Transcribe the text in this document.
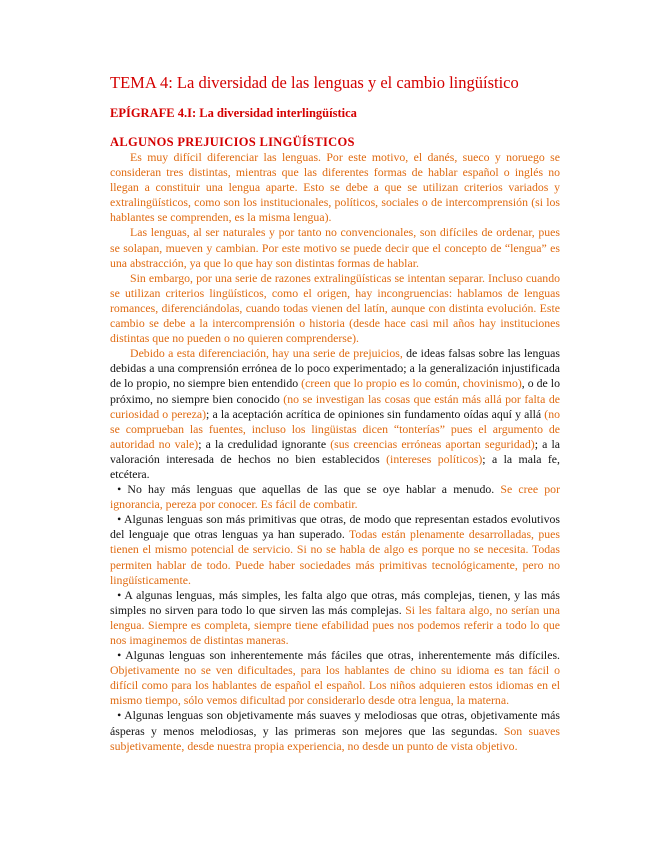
TEMA 4: La diversidad de las lenguas y el cambio lingüístico
EPÍGRAFE 4.I: La diversidad interlingüística
ALGUNOS PREJUICIOS LINGÜÍSTICOS

Es muy difícil diferenciar las lenguas. Por este motivo, el danés, sueco y noruego se consideran tres distintas, mientras que las diferentes formas de hablar español o inglés no llegan a constituir una lengua aparte. Esto se debe a que se utilizan criterios variados y extralingüísticos, como son los institucionales, políticos, sociales o de intercomprensión (si los hablantes se comprenden, es la misma lengua).

Las lenguas, al ser naturales y por tanto no convencionales, son difíciles de ordenar, pues se solapan, mueven y cambian. Por este motivo se puede decir que el concepto de “lengua” es una abstracción, ya que lo que hay son distintas formas de hablar.

Sin embargo, por una serie de razones extralingüísticas se intentan separar. Incluso cuando se utilizan criterios lingüísticos, como el origen, hay incongruencias: hablamos de lenguas romances, diferenciándolas, cuando todas vienen del latín, aunque con distinta evolución. Este cambio se debe a la intercomprensión o historia (desde hace casi mil años hay instituciones distintas que no pueden o no quieren comprenderse).

Debido a esta diferenciación, hay una serie de prejuicios, de ideas falsas sobre las lenguas debidas a una comprensión errónea de lo poco experimentado; a la generalización injustificada de lo propio, no siempre bien entendido (creen que lo propio es lo común, chovinismo), o de lo próximo, no siempre bien conocido (no se investigan las cosas que están más allá por falta de curiosidad o pereza); a la aceptación acrítica de opiniones sin fundamento oídas aquí y allá (no se comprueban las fuentes, incluso los lingüistas dicen “tonterías” pues el argumento de autoridad no vale); a la credulidad ignorante (sus creencias erróneas aportan seguridad); a la valoración interesada de hechos no bien establecidos (intereses políticos); a la mala fe, etcétera.

• No hay más lenguas que aquellas de las que se oye hablar a menudo. Se cree por ignorancia, pereza por conocer. Es fácil de combatir.

• Algunas lenguas son más primitivas que otras, de modo que representan estados evolutivos del lenguaje que otras lenguas ya han superado. Todas están plenamente desarrolladas, pues tienen el mismo potencial de servicio. Si no se habla de algo es porque no se necesita. Todas permiten hablar de todo. Puede haber sociedades más primitivas tecnológicamente, pero no lingüísticamente.

• A algunas lenguas, más simples, les falta algo que otras, más complejas, tienen, y las más simples no sirven para todo lo que sirven las más complejas. Si les faltara algo, no serían una lengua. Siempre es completa, siempre tiene efabilidad pues nos podemos referir a todo lo que nos imaginemos de distintas maneras.

• Algunas lenguas son inherentemente más fáciles que otras, inherentemente más difíciles. Objetivamente no se ven dificultades, para los hablantes de chino su idioma es tan fácil o difícil como para los hablantes de español el español. Los niños adquieren estos idiomas en el mismo tiempo, sólo vemos dificultad por considerarlo desde otra lengua, la materna.

• Algunas lenguas son objetivamente más suaves y melodiosas que otras, objetivamente más ásperas y menos melodiosas, y las primeras son mejores que las segundas. Son suaves subjetivamente, desde nuestra propia experiencia, no desde un punto de vista objetivo.
